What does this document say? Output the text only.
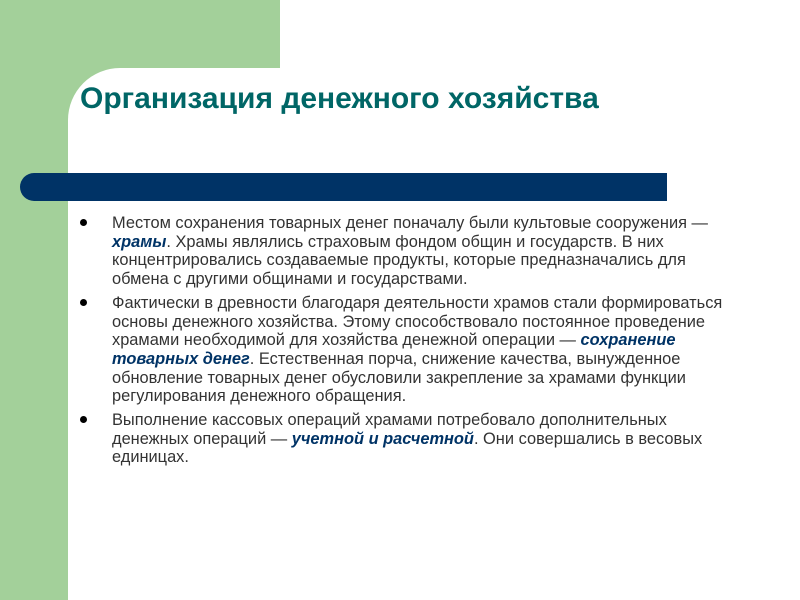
Организация денежного хозяйства
Местом сохранения товарных денег поначалу были культовые сооружения — храмы. Храмы являлись страховым фондом общин и государств. В них концентрировались создаваемые продукты, которые предназначались для обмена с другими общинами и государствами.
Фактически в древности благодаря деятельности храмов стали формироваться основы денежного хозяйства. Этому способствовало постоянное проведение храмами необходимой для хозяйства денежной операции — сохранение товарных денег. Естественная порча, снижение качества, вынужденное обновление товарных денег обусловили закрепление за храмами функции регулирования денежного обращения.
Выполнение кассовых операций храмами потребовало дополнительных денежных операций — учетной и расчетной. Они совершались в весовых единицах.
